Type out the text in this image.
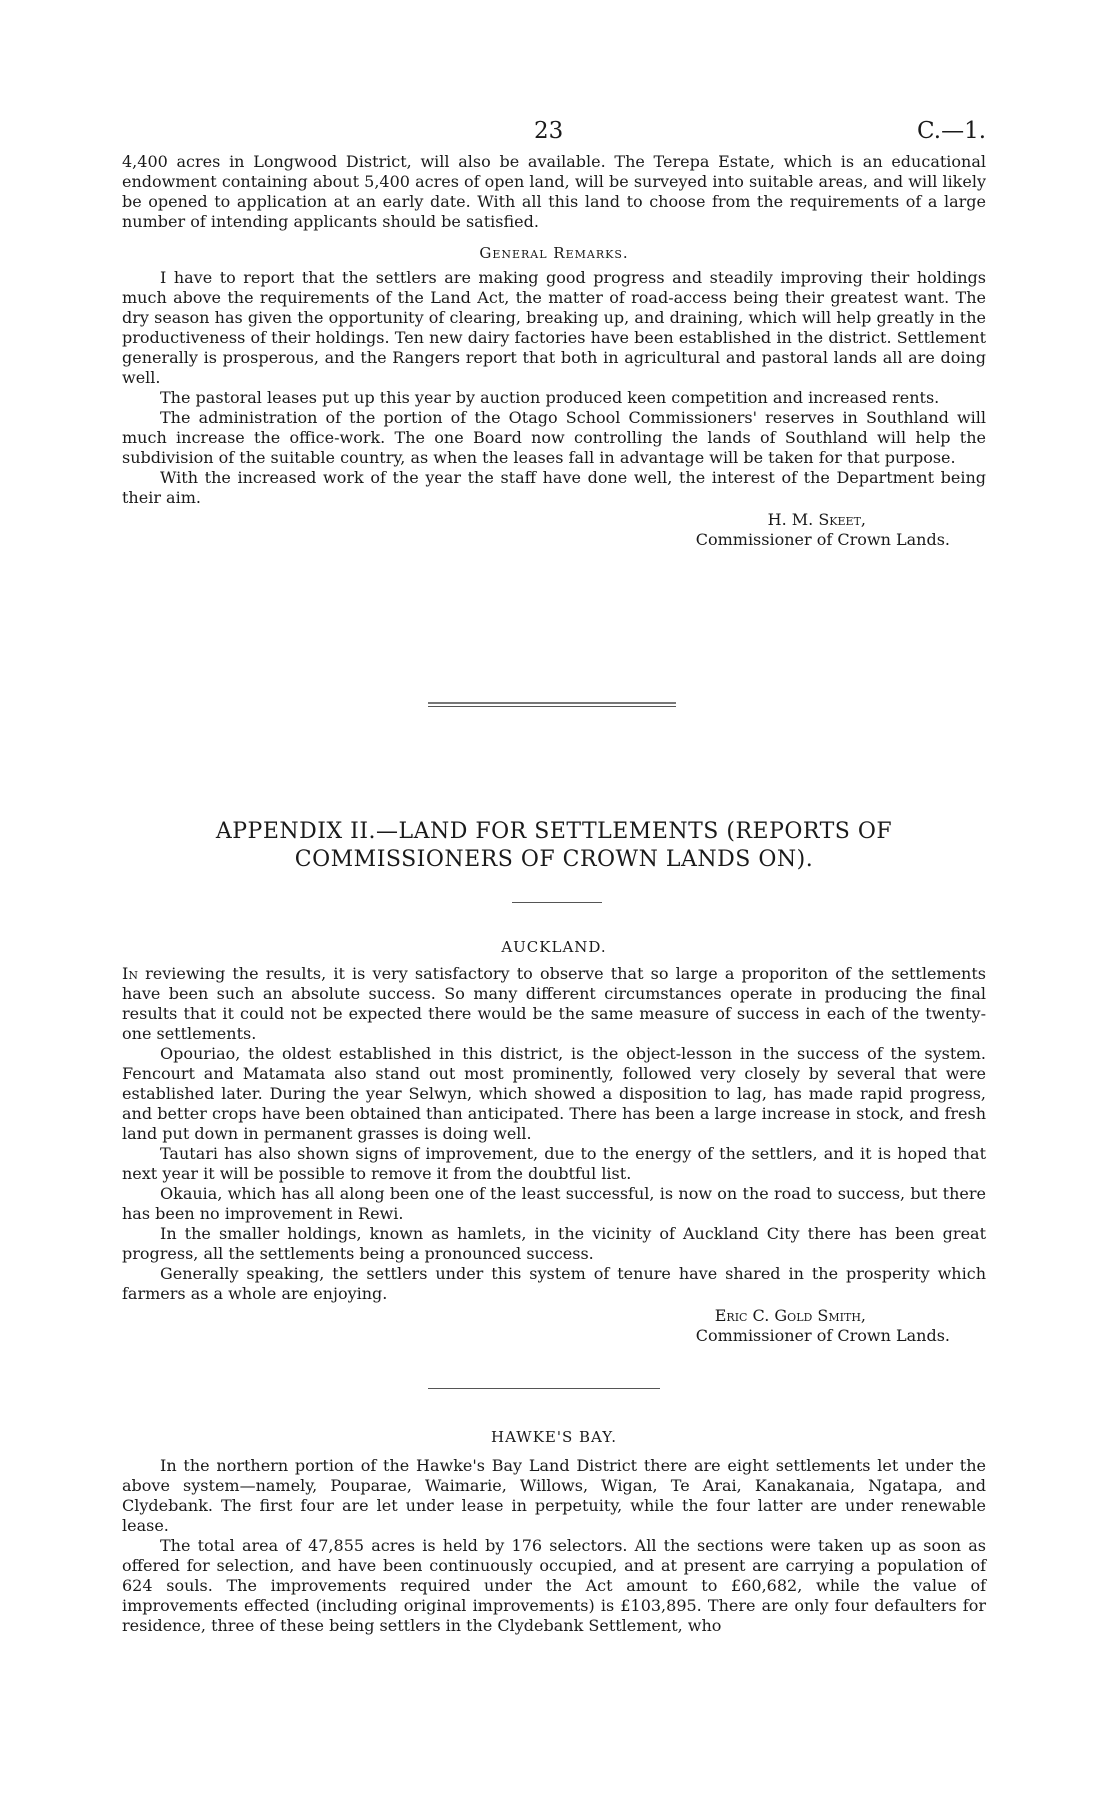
23	C.—1.

4,400 acres in Longwood District, will also be available. The Terepa Estate, which is an educational endowment containing about 5,400 acres of open land, will be surveyed into suitable areas, and will likely be opened to application at an early date. With all this land to choose from the requirements of a large number of intending applicants should be satisfied.

General Remarks.

I have to report that the settlers are making good progress and steadily improving their holdings much above the requirements of the Land Act, the matter of road-access being their greatest want. The dry season has given the opportunity of clearing, breaking up, and draining, which will help greatly in the productiveness of their holdings. Ten new dairy factories have been established in the district. Settlement generally is prosperous, and the Rangers report that both in agricultural and pastoral lands all are doing well.

The pastoral leases put up this year by auction produced keen competition and increased rents.

The administration of the portion of the Otago School Commissioners' reserves in Southland will much increase the office-work. The one Board now controlling the lands of Southland will help the subdivision of the suitable country, as when the leases fall in advantage will be taken for that purpose.

With the increased work of the year the staff have done well, the interest of the Department being their aim.

H. M. Skeet,
Commissioner of Crown Lands.
APPENDIX II.—LAND FOR SETTLEMENTS (REPORTS OF COMMISSIONERS OF CROWN LANDS ON).
AUCKLAND.

In reviewing the results, it is very satisfactory to observe that so large a proporiton of the settlements have been such an absolute success. So many different circumstances operate in producing the final results that it could not be expected there would be the same measure of success in each of the twenty-one settlements.

Opouriao, the oldest established in this district, is the object-lesson in the success of the system. Fencourt and Matamata also stand out most prominently, followed very closely by several that were established later. During the year Selwyn, which showed a disposition to lag, has made rapid progress, and better crops have been obtained than anticipated. There has been a large increase in stock, and fresh land put down in permanent grasses is doing well.

Tautari has also shown signs of improvement, due to the energy of the settlers, and it is hoped that next year it will be possible to remove it from the doubtful list.

Okauia, which has all along been one of the least successful, is now on the road to success, but there has been no improvement in Rewi.

In the smaller holdings, known as hamlets, in the vicinity of Auckland City there has been great progress, all the settlements being a pronounced success.

Generally speaking, the settlers under this system of tenure have shared in the prosperity which farmers as a whole are enjoying.

Eric C. Gold Smith,
Commissioner of Crown Lands.
HAWKE'S BAY.

In the northern portion of the Hawke's Bay Land District there are eight settlements let under the above system—namely, Pouparae, Waimarie, Willows, Wigan, Te Arai, Kanakanaia, Ngatapa, and Clydebank. The first four are let under lease in perpetuity, while the four latter are under renewable lease.

The total area of 47,855 acres is held by 176 selectors. All the sections were taken up as soon as offered for selection, and have been continuously occupied, and at present are carrying a population of 624 souls. The improvements required under the Act amount to £60,682, while the value of improvements effected (including original improvements) is £103,895. There are only four defaulters for residence, three of these being settlers in the Clydebank Settlement, who
